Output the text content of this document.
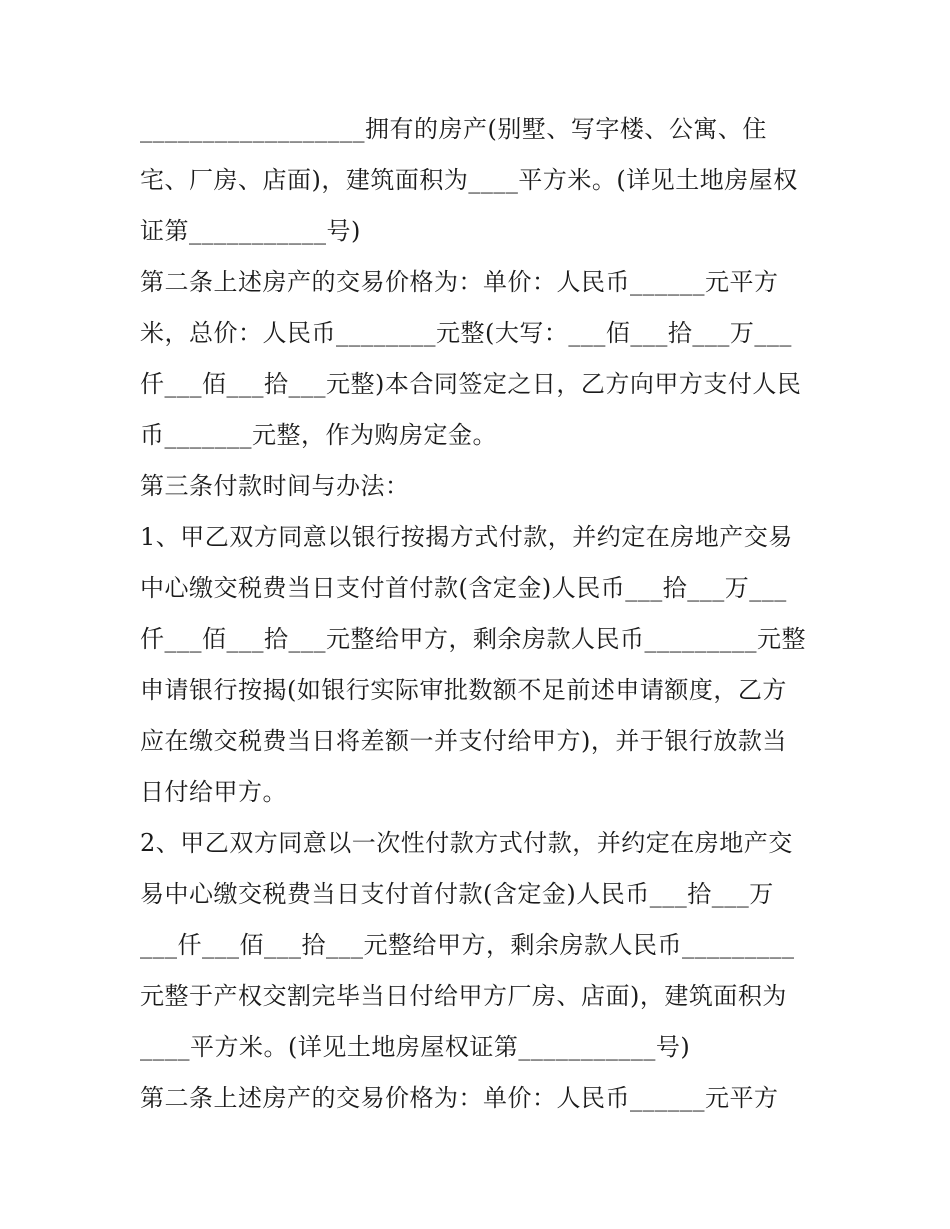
__________________拥有的房产(别墅、写字楼、公寓、住
宅、厂房、店面)，建筑面积为____平方米。(详见土地房屋权
证第___________号)
第二条上述房产的交易价格为：单价：人民币______元平方
米，总价：人民币________元整(大写：___佰___拾___万___
仟___佰___拾___元整)本合同签定之日，乙方向甲方支付人民
币_______元整，作为购房定金。
第三条付款时间与办法：
1、甲乙双方同意以银行按揭方式付款，并约定在房地产交易
中心缴交税费当日支付首付款(含定金)人民币___拾___万___
仟___佰___拾___元整给甲方，剩余房款人民币_________元整
申请银行按揭(如银行实际审批数额不足前述申请额度，乙方
应在缴交税费当日将差额一并支付给甲方)，并于银行放款当
日付给甲方。
2、甲乙双方同意以一次性付款方式付款，并约定在房地产交
易中心缴交税费当日支付首付款(含定金)人民币___拾___万
___仟___佰___拾___元整给甲方，剩余房款人民币_________
元整于产权交割完毕当日付给甲方厂房、店面)，建筑面积为
____平方米。(详见土地房屋权证第___________号)
第二条上述房产的交易价格为：单价：人民币______元平方
